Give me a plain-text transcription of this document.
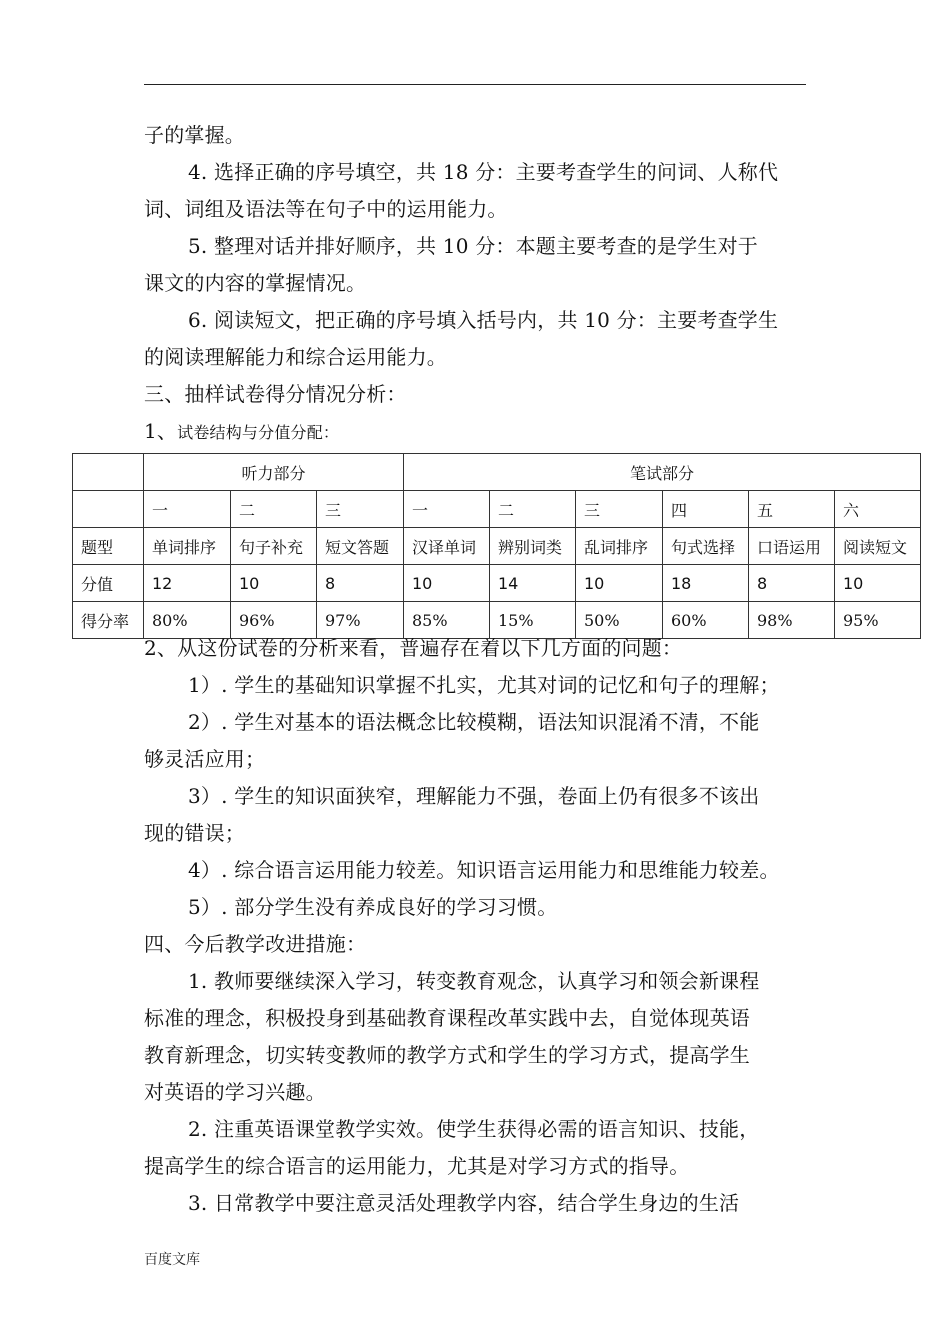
子的掌握。
4. 选择正确的序号填空，共 18 分：主要考查学生的问词、人称代
词、词组及语法等在句子中的运用能力。
5. 整理对话并排好顺序，共 10 分：本题主要考查的是学生对于
课文的内容的掌握情况。
6. 阅读短文，把正确的序号填入括号内，共 10 分：主要考查学生
的阅读理解能力和综合运用能力。
三、抽样试卷得分情况分析：
1、试卷结构与分值分配：
	听力部分			笔试部分					
	一	二	三	一	二	三	四	五	六
题型	单词排序	句子补充	短文答题	汉译单词	辨别词类	乱词排序	句式选择	口语运用	阅读短文
分值	12	10	8	10	14	10	18	8	10
得分率	80%	96%	97%	85%	15%	50%	60%	98%	95%
2、从这份试卷的分析来看，普遍存在着以下几方面的问题：
1）. 学生的基础知识掌握不扎实，尤其对词的记忆和句子的理解；
2）. 学生对基本的语法概念比较模糊，语法知识混淆不清，不能
够灵活应用；
3）. 学生的知识面狭窄，理解能力不强，卷面上仍有很多不该出
现的错误；
4）. 综合语言运用能力较差。知识语言运用能力和思维能力较差。
5）. 部分学生没有养成良好的学习习惯。
四、今后教学改进措施：
1. 教师要继续深入学习，转变教育观念，认真学习和领会新课程
标准的理念，积极投身到基础教育课程改革实践中去，自觉体现英语
教育新理念，切实转变教师的教学方式和学生的学习方式，提高学生
对英语的学习兴趣。
2. 注重英语课堂教学实效。使学生获得必需的语言知识、技能，
提高学生的综合语言的运用能力，尤其是对学习方式的指导。
3. 日常教学中要注意灵活处理教学内容，结合学生身边的生活
百度文库
